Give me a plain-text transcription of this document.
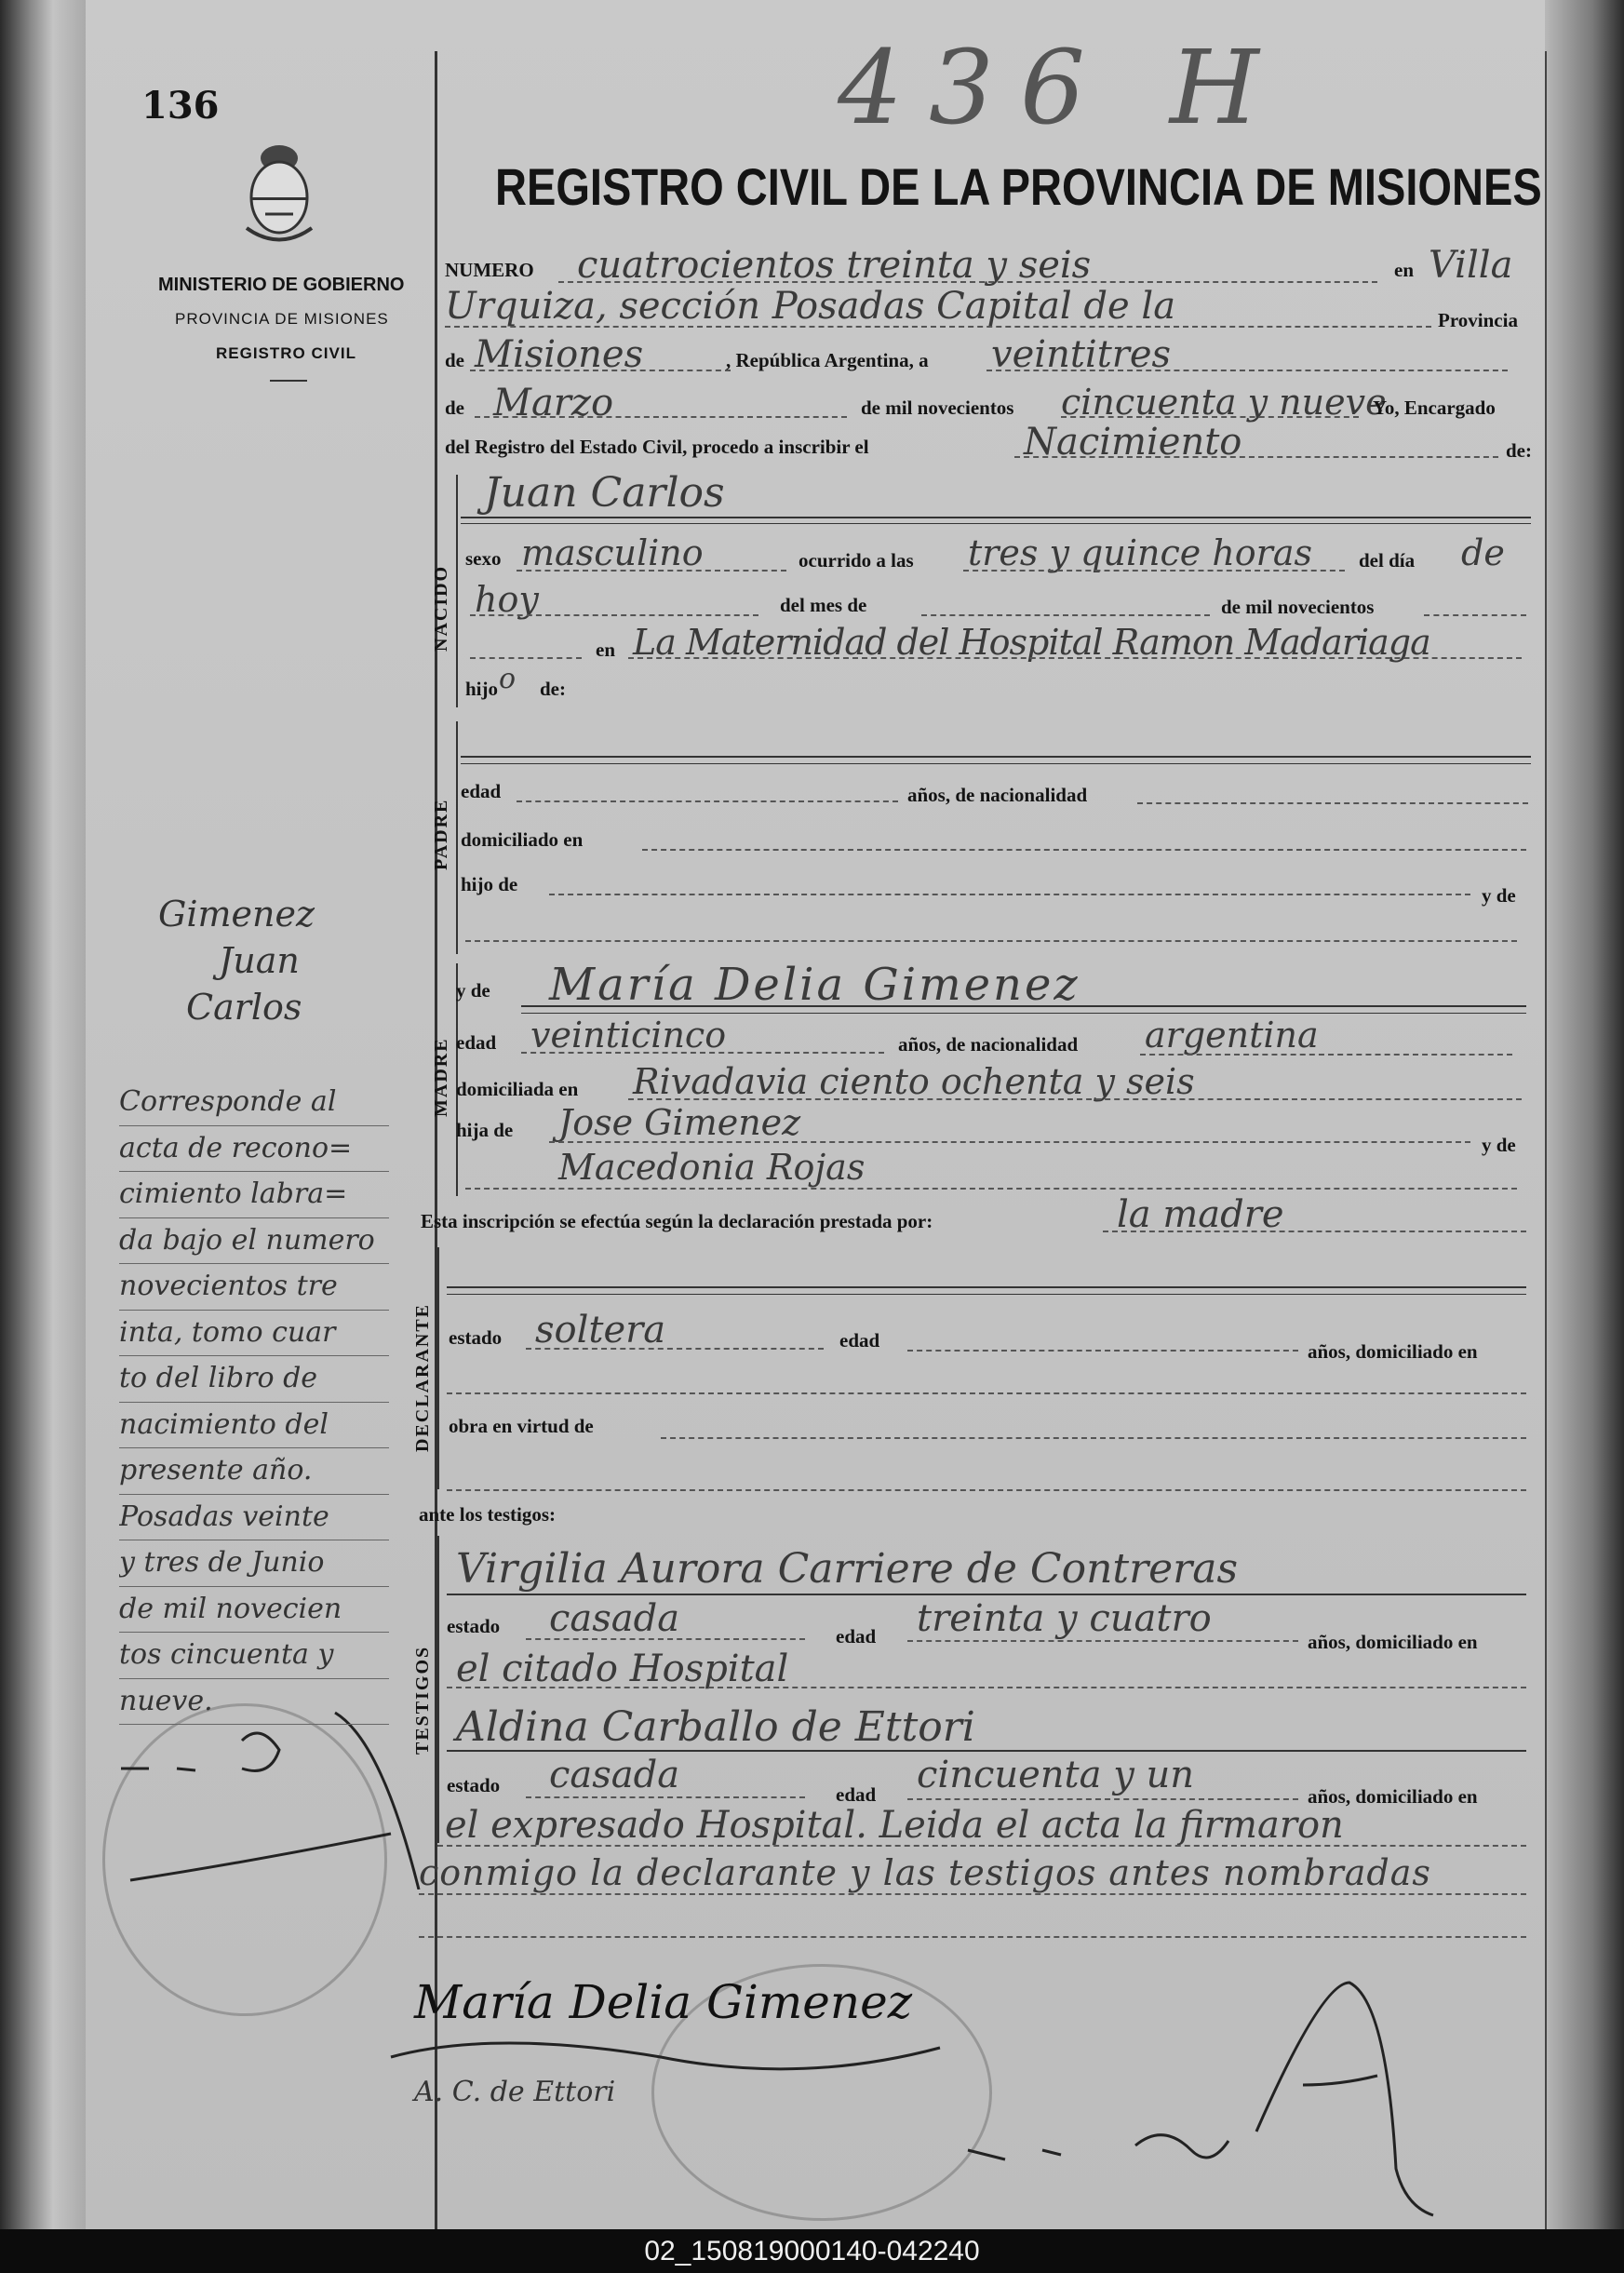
136	436 H
MINISTERIO DE GOBIERNO
PROVINCIA DE MISIONES
REGISTRO CIVIL
REGISTRO CIVIL DE LA PROVINCIA DE MISIONES
NUMERO cuatrocientos treinta y seis	en Villa
Urquiza, sección Posadas Capital de la	Provincia
de Misiones	, República Argentina, a veintitres
de Marzo	de mil novecientos cincuenta y nueve
Yo, Encargado
del Registro del Estado Civil, procedo a inscribir el	Nacimiento	de:
NACIDO
Juan Carlos
sexo masculino	ocurrido a las tres y quince horas del día de
hoy	del mes de	de mil novecientos
en La Maternidad del Hospital Ramon Madariaga
hijo o de:
PADRE
edad	años, de nacionalidad
domiciliado en
hijo de	y de
MADRE
y de María Delia Gimenez
edad veinticinco	años, de nacionalidad argentina
domiciliada en Rivadavia ciento ochenta y seis
hija de Jose Gimenez
Macedonia Rojas
y de
Esta inscripción se efectúa según la declaración prestada por:	la madre
DECLARANTE estado soltera	edad	años, domiciliado en
obra en virtud de
ante los testigos:
TESTIGOS
Virgilia Aurora Carriere de Contreras
estado casada	edad treinta y cuatro
años, domiciliado en
el citado Hospital
Aldina Carballo de Ettori
estado casada	edad cincuenta y un	años, domiciliado en
el expresado Hospital. Leida el acta la firmaron
conmigo la declarante y las testigos antes nombradas
María Delia Gimenez
A. C. de Ettori
Gimenez
Juan
Carlos
Corresponde al
acta de recono=
cimiento labra=
da bajo el numero
novecientos tre
inta, tomo cuar
to del libro de
nacimiento del
presente año.
Posadas veinte
y tres de Junio
de mil novecien
tos cincuenta y
nueve.
02_150819000140-042240
